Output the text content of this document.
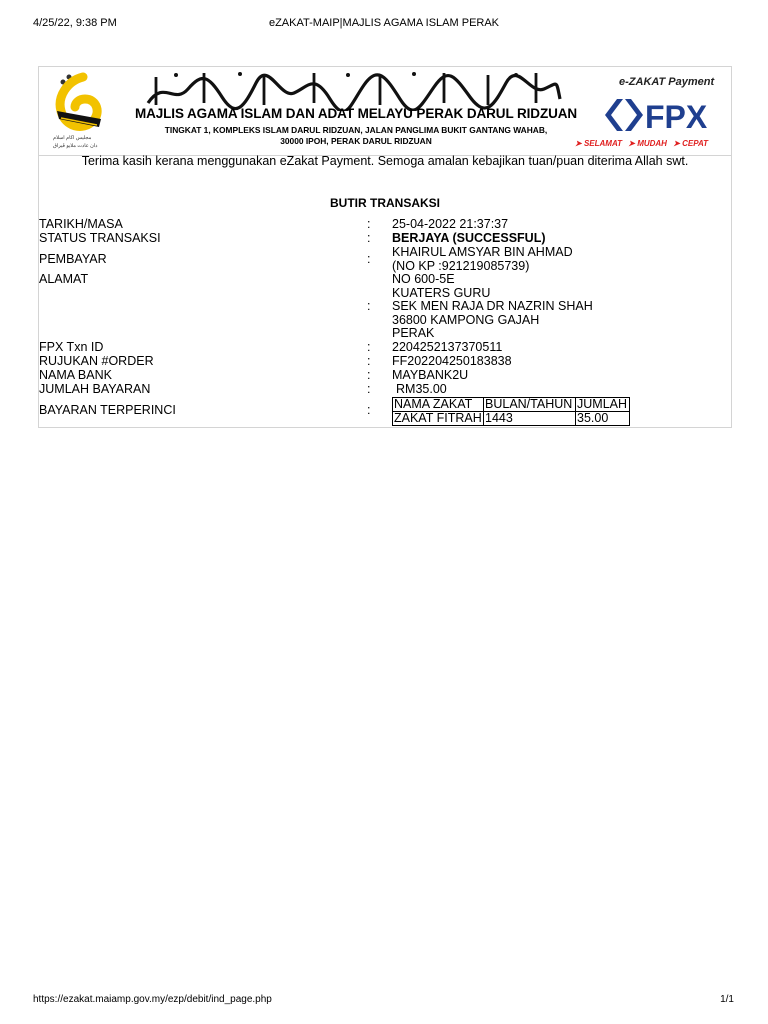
4/25/22, 9:38 PM	eZAKAT-MAIP|MAJLIS AGAMA ISLAM PERAK
مجليس اڬام اسلام
دان عادت ملايو ڤيراق
MAJLIS AGAMA ISLAM DAN ADAT MELAYU PERAK DARUL RIDZUAN
TINGKAT 1, KOMPLEKS ISLAM DARUL RIDZUAN, JALAN PANGLIMA BUKIT GANTANG WAHAB,
30000 IPOH, PERAK DARUL RIDZUAN
e-ZAKAT Payment
FPX
➤ SELAMAT ➤ MUDAH ➤ CEPAT
Terima kasih kerana menggunakan eZakat Payment. Semoga amalan kebajikan tuan/puan diterima Allah swt.
BUTIR TRANSAKSI
TARIKH/MASA	: 25-04-2022 21:37:37
STATUS TRANSAKSI	: BERJAYA (SUCCESSFUL)
PEMBAYAR	: KHAIRUL AMSYAR BIN AHMAD
(NO KP :921219085739)
ALAMAT
:
NO 600-5E
KUATERS GURU
SEK MEN RAJA DR NAZRIN SHAH
36800 KAMPONG GAJAH
PERAK
FPX Txn ID	: 2204252137370511
RUJUKAN #ORDER	: FF202204250183838
NAMA BANK	: MAYBANK2U
JUMLAH BAYARAN	: RM35.00
BAYARAN TERPERINCI	: NAMA ZAKAT	BULAN/TAHUN	JUMLAH
ZAKAT FITRAH	1443	35.00
https://ezakat.maiamp.gov.my/ezp/debit/ind_page.php	1/1
